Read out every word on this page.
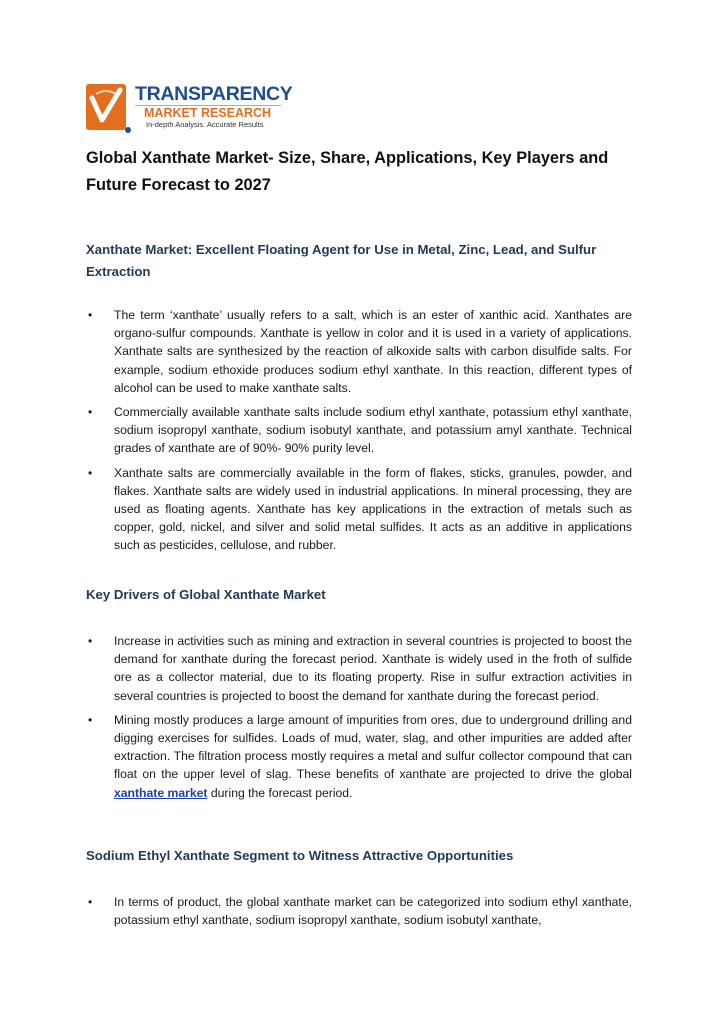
TRANSPARENCY
MARKET RESEARCH
In-depth Analysis. Accurate Results
Global Xanthate Market- Size, Share, Applications, Key Players and Future Forecast to 2027
Xanthate Market: Excellent Floating Agent for Use in Metal, Zinc, Lead, and Sulfur Extraction
• The term ‘xanthate’ usually refers to a salt, which is an ester of xanthic acid. Xanthates are organo-sulfur compounds. Xanthate is yellow in color and it is used in a variety of applications. Xanthate salts are synthesized by the reaction of alkoxide salts with carbon disulfide salts. For example, sodium ethoxide produces sodium ethyl xanthate. In this reaction, different types of alcohol can be used to make xanthate salts.
• Commercially available xanthate salts include sodium ethyl xanthate, potassium ethyl xanthate, sodium isopropyl xanthate, sodium isobutyl xanthate, and potassium amyl xanthate. Technical grades of xanthate are of 90%- 90% purity level.
• Xanthate salts are commercially available in the form of flakes, sticks, granules, powder, and flakes. Xanthate salts are widely used in industrial applications. In mineral processing, they are used as floating agents. Xanthate has key applications in the extraction of metals such as copper, gold, nickel, and silver and solid metal sulfides. It acts as an additive in applications such as pesticides, cellulose, and rubber.
Key Drivers of Global Xanthate Market
• Increase in activities such as mining and extraction in several countries is projected to boost the demand for xanthate during the forecast period. Xanthate is widely used in the froth of sulfide ore as a collector material, due to its floating property. Rise in sulfur extraction activities in several countries is projected to boost the demand for xanthate during the forecast period.
• Mining mostly produces a large amount of impurities from ores, due to underground drilling and digging exercises for sulfides. Loads of mud, water, slag, and other impurities are added after extraction. The filtration process mostly requires a metal and sulfur collector compound that can float on the upper level of slag. These benefits of xanthate are projected to drive the global xanthate market during the forecast period.
Sodium Ethyl Xanthate Segment to Witness Attractive Opportunities
• In terms of product, the global xanthate market can be categorized into sodium ethyl xanthate, potassium ethyl xanthate, sodium isopropyl xanthate, sodium isobutyl xanthate,
